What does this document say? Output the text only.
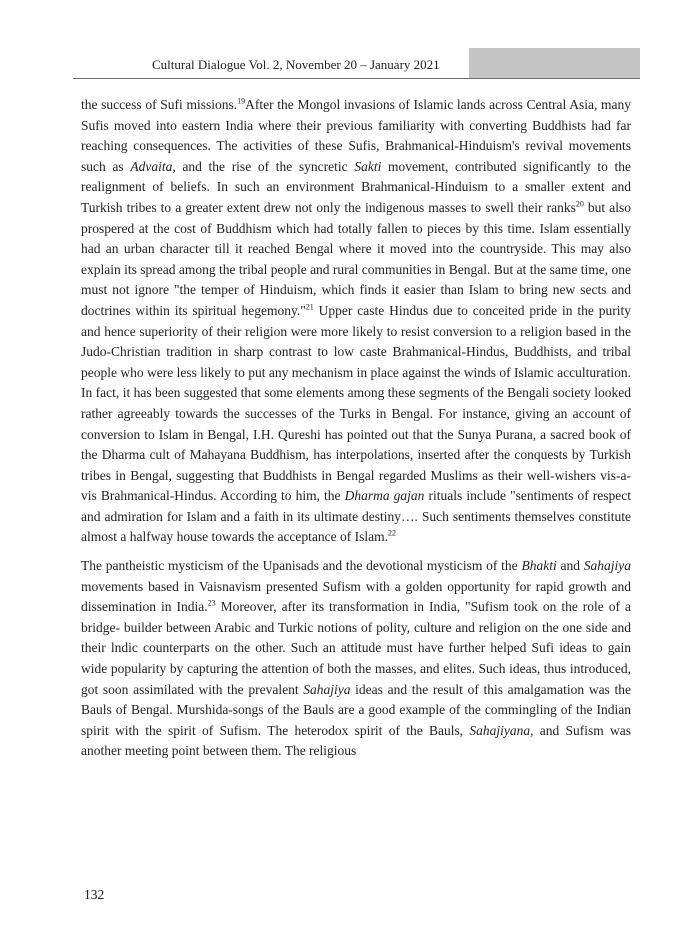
Cultural Dialogue Vol. 2, November 20 – January 2021

the success of Sufi missions.$^{19}$After the Mongol invasions of Islamic lands across Central Asia, many Sufis moved into eastern India where their previous familiarity with converting Buddhists had far reaching consequences. The activities of these Sufis, Brahmanical-Hinduism's revival movements such as Advaita, and the rise of the syncretic Sakti movement, contributed significantly to the realignment of beliefs. In such an environment Brahmanical-Hinduism to a smaller extent and Turkish tribes to a greater extent drew not only the indigenous masses to swell their ranks$^{20}$ but also prospered at the cost of Buddhism which had totally fallen to pieces by this time. Islam essentially had an urban character till it reached Bengal where it moved into the countryside. This may also explain its spread among the tribal people and rural communities in Bengal. But at the same time, one must not ignore "the temper of Hinduism, which finds it easier than Islam to bring new sects and doctrines within its spiritual hegemony."$^{21}$ Upper caste Hindus due to conceited pride in the purity and hence superiority of their religion were more likely to resist conversion to a religion based in the Judo-Christian tradition in sharp contrast to low caste Brahmanical-Hindus, Buddhists, and tribal people who were less likely to put any mechanism in place against the winds of Islamic acculturation. In fact, it has been suggested that some elements among these segments of the Bengali society looked rather agreeably towards the successes of the Turks in Bengal. For instance, giving an account of conversion to Islam in Bengal, I.H. Qureshi has pointed out that the Sunya Purana, a sacred book of the Dharma cult of Mahayana Buddhism, has interpolations, inserted after the conquests by Turkish tribes in Bengal, suggesting that Buddhists in Bengal regarded Muslims as their well-wishers vis-a-vis Brahmanical-Hindus. According to him, the Dharma gajan rituals include "sentiments of respect and admiration for Islam and a faith in its ultimate destiny…. Such sentiments themselves constitute almost a halfway house towards the acceptance of Islam.$^{22}$

The pantheistic mysticism of the Upanisads and the devotional mysticism of the Bhakti and Sahajiya movements based in Vaisnavism presented Sufism with a golden opportunity for rapid growth and dissemination in India.$^{23}$ Moreover, after its transformation in India, "Sufism took on the role of a bridge- builder between Arabic and Turkic notions of polity, culture and religion on the one side and their lndic counterparts on the other. Such an attitude must have further helped Sufi ideas to gain wide popularity by capturing the attention of both the masses, and elites. Such ideas, thus introduced, got soon assimilated with the prevalent Sahajiya ideas and the result of this amalgamation was the Bauls of Bengal. Murshida-songs of the Bauls are a good example of the commingling of the Indian spirit with the spirit of Sufism. The heterodox spirit of the Bauls, Sahajiyana, and Sufism was another meeting point between them. The religious

132
